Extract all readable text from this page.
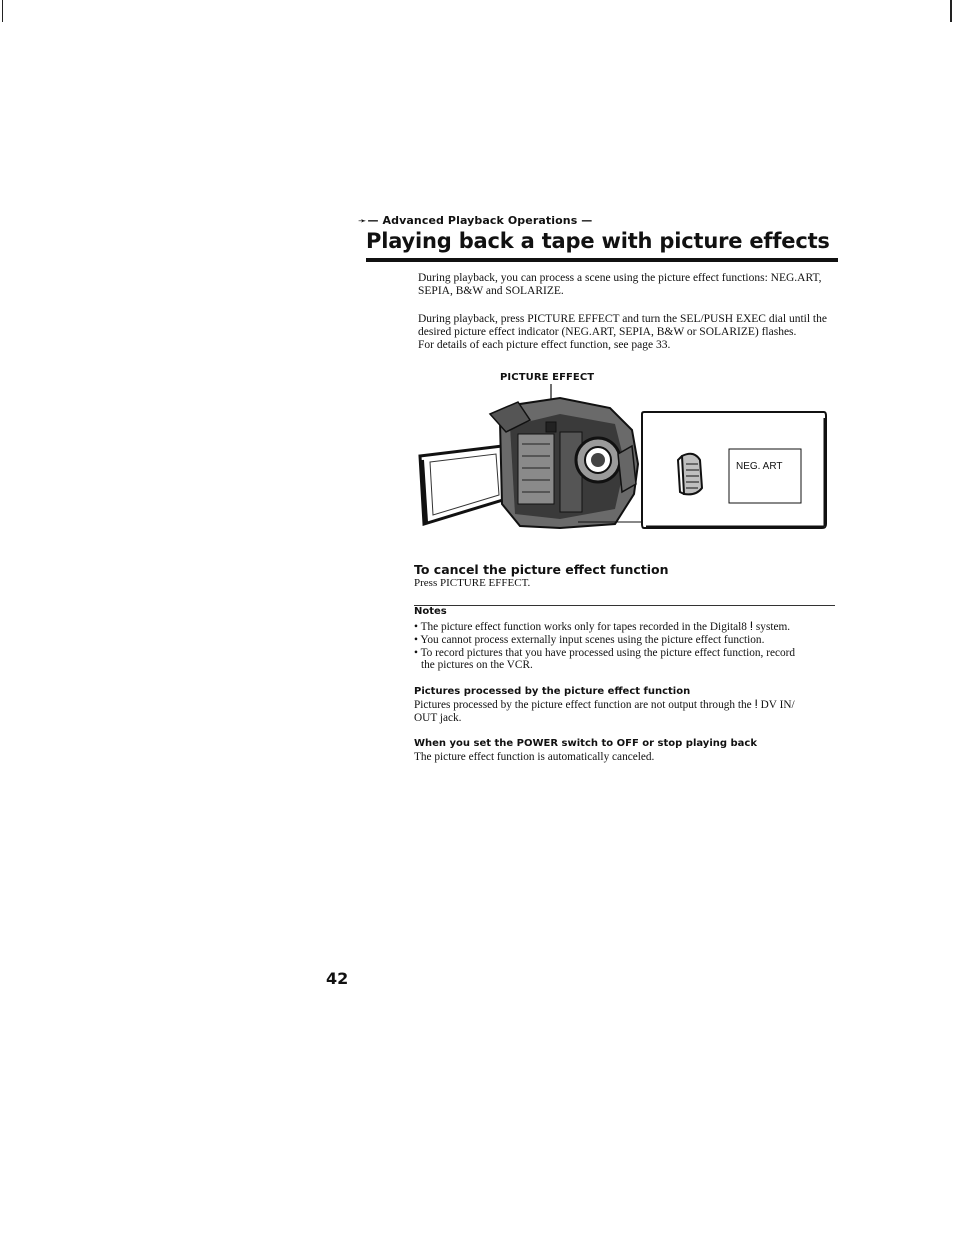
➛— Advanced Playback Operations —
Playing back a tape with picture effects
During playback, you can process a scene using the picture effect functions: NEG.ART, SEPIA, B&W and SOLARIZE.
During playback, press PICTURE EFFECT and turn the SEL/PUSH EXEC dial until the desired picture effect indicator (NEG.ART, SEPIA, B&W or SOLARIZE) flashes.
For details of each picture effect function, see page 33.
PICTURE EFFECT
NEG. ART
To cancel the picture effect function
Press PICTURE EFFECT.
Notes
• The picture effect function works only for tapes recorded in the Digital8 ⵑ system.
• You cannot process externally input scenes using the picture effect function.
• To record pictures that you have processed using the picture effect function, record
the pictures on the VCR.
Pictures processed by the picture effect function
Pictures processed by the picture effect function are not output through the ⵑ DV IN/
OUT jack.
When you set the POWER switch to OFF or stop playing back
The picture effect function is automatically canceled.
42
